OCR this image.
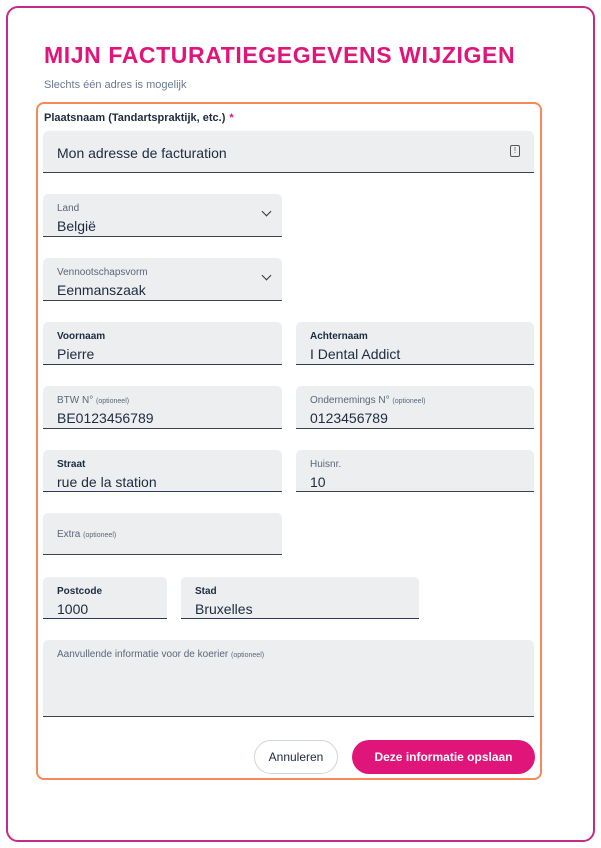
MIJN FACTURATIEGEGEVENS WIJZIGEN
Slechts één adres is mogelijk
Plaatsnaam (Tandartspraktijk, etc.) *
Mon adresse de facturation	!
Land
België
Vennootschapsvorm
Eenmanszaak
Voornaam
Pierre
Achternaam
I Dental Addict
BTW N° (optioneel)
BE0123456789
Ondernemings N° (optioneel)
0123456789
Straat
rue de la station
Huisnr.
10
Extra (optioneel)
Postcode
1000
Stad
Bruxelles
Aanvullende informatie voor de koerier (optioneel)
Annuleren	Deze informatie opslaan
